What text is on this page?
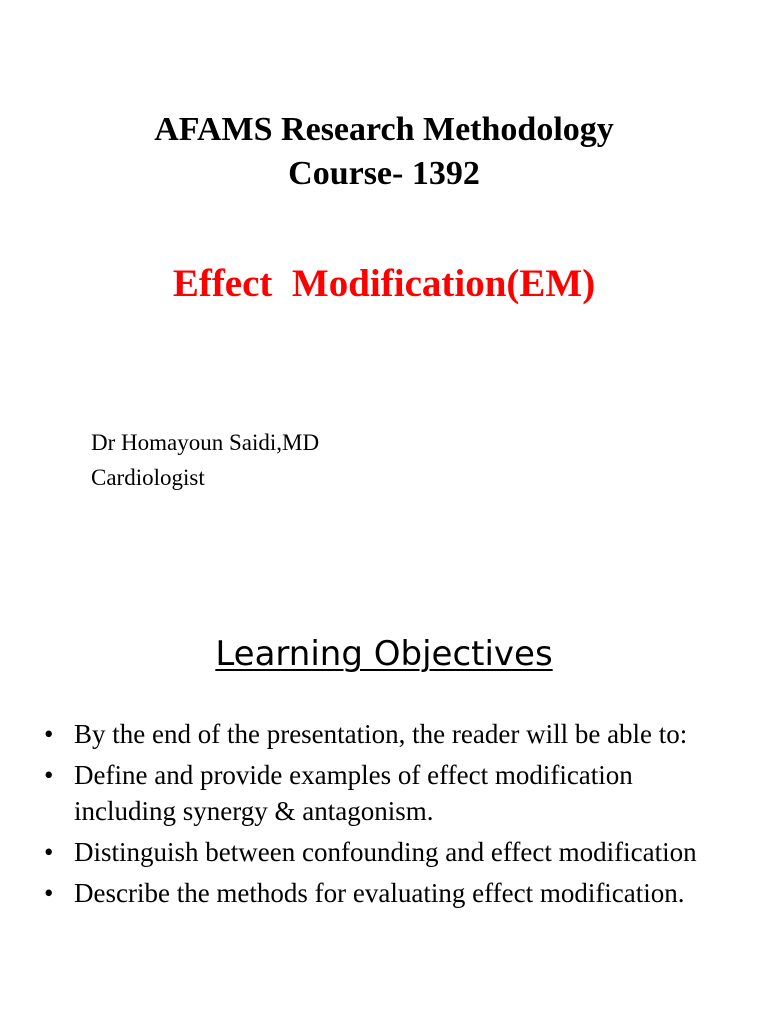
AFAMS Research Methodology
Course- 1392
Effect  Modification(EM)
Dr Homayoun Saidi,MD
Cardiologist
Learning Objectives
• By the end of the presentation, the reader will be able to:
• Define and provide examples of effect modification including synergy & antagonism.
• Distinguish between confounding and effect modification
• Describe the methods for evaluating effect modification.
